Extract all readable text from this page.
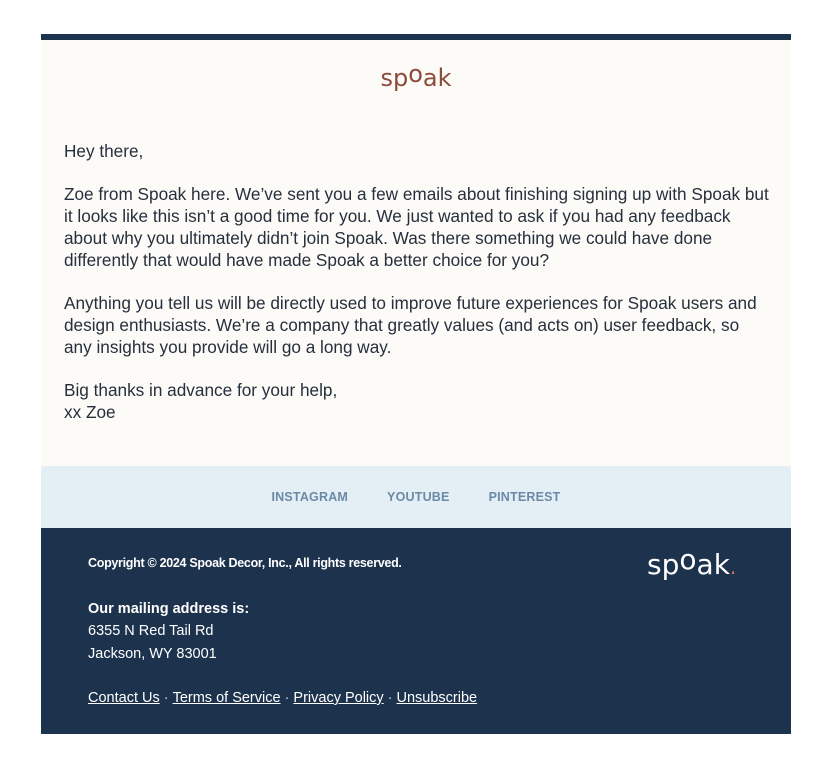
spoak

Hey there,

Zoe from Spoak here. We’ve sent you a few emails about finishing signing up with Spoak but it looks like this isn’t a good time for you. We just wanted to ask if you had any feedback about why you ultimately didn’t join Spoak. Was there something we could have done differently that would have made Spoak a better choice for you?

Anything you tell us will be directly used to improve future experiences for Spoak users and design enthusiasts. We’re a company that greatly values (and acts on) user feedback, so any insights you provide will go a long way.

Big thanks in advance for your help,
xx Zoe

INSTAGRAM	YOUTUBE	PINTEREST
Copyright © 2024 Spoak Decor, Inc., All rights reserved.
Our mailing address is:
6355 N Red Tail Rd
Jackson, WY 83001
Contact Us · Terms of Service · Privacy Policy · Unsubscribe
spoak.
